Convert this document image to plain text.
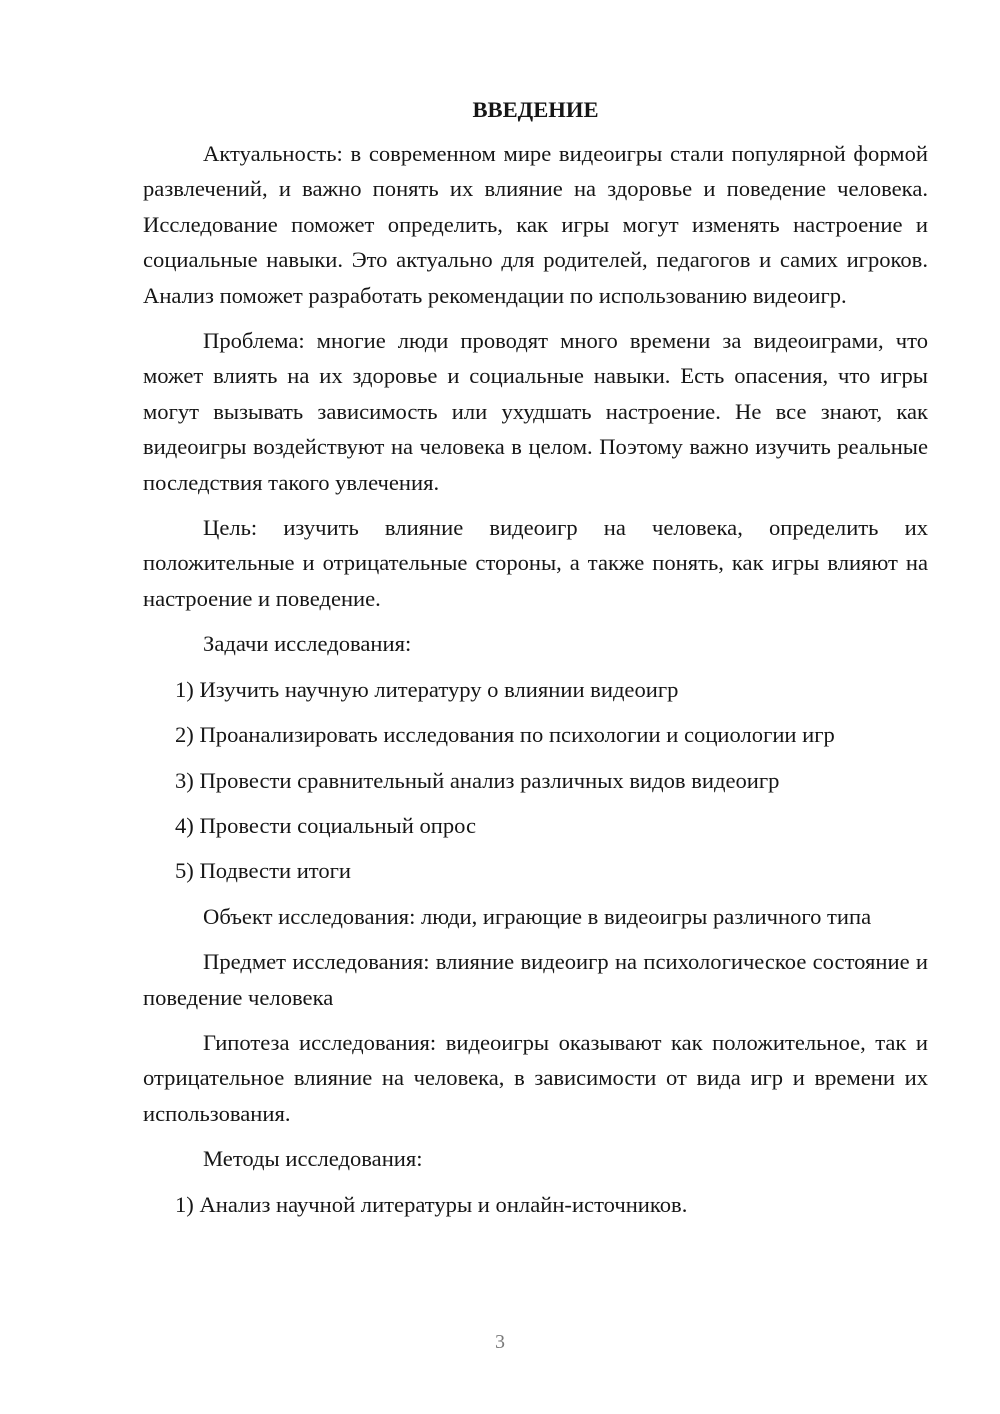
ВВЕДЕНИЕ

Актуальность: в современном мире видеоигры стали популярной формой развлечений, и важно понять их влияние на здоровье и поведение человека. Исследование поможет определить, как игры могут изменять настроение и социальные навыки. Это актуально для родителей, педагогов и самих игроков. Анализ поможет разработать рекомендации по использованию видеоигр.

Проблема: многие люди проводят много времени за видеоиграми, что может влиять на их здоровье и социальные навыки. Есть опасения, что игры могут вызывать зависимость или ухудшать настроение. Не все знают, как видеоигры воздействуют на человека в целом. Поэтому важно изучить реальные последствия такого увлечения.

Цель: изучить влияние видеоигр на человека, определить их положительные и отрицательные стороны, а также понять, как игры влияют на настроение и поведение.

Задачи исследования:

1) Изучить научную литературу о влиянии видеоигр
2) Проанализировать исследования по психологии и социологии игр
3) Провести сравнительный анализ различных видов видеоигр
4) Провести социальный опрос
5) Подвести итоги

Объект исследования: люди, играющие в видеоигры различного типа

Предмет исследования: влияние видеоигр на психологическое состояние и поведение человека

Гипотеза исследования: видеоигры оказывают как положительное, так и отрицательное влияние на человека, в зависимости от вида игр и времени их использования.

Методы исследования:

1) Анализ научной литературы и онлайн-источников.
3
